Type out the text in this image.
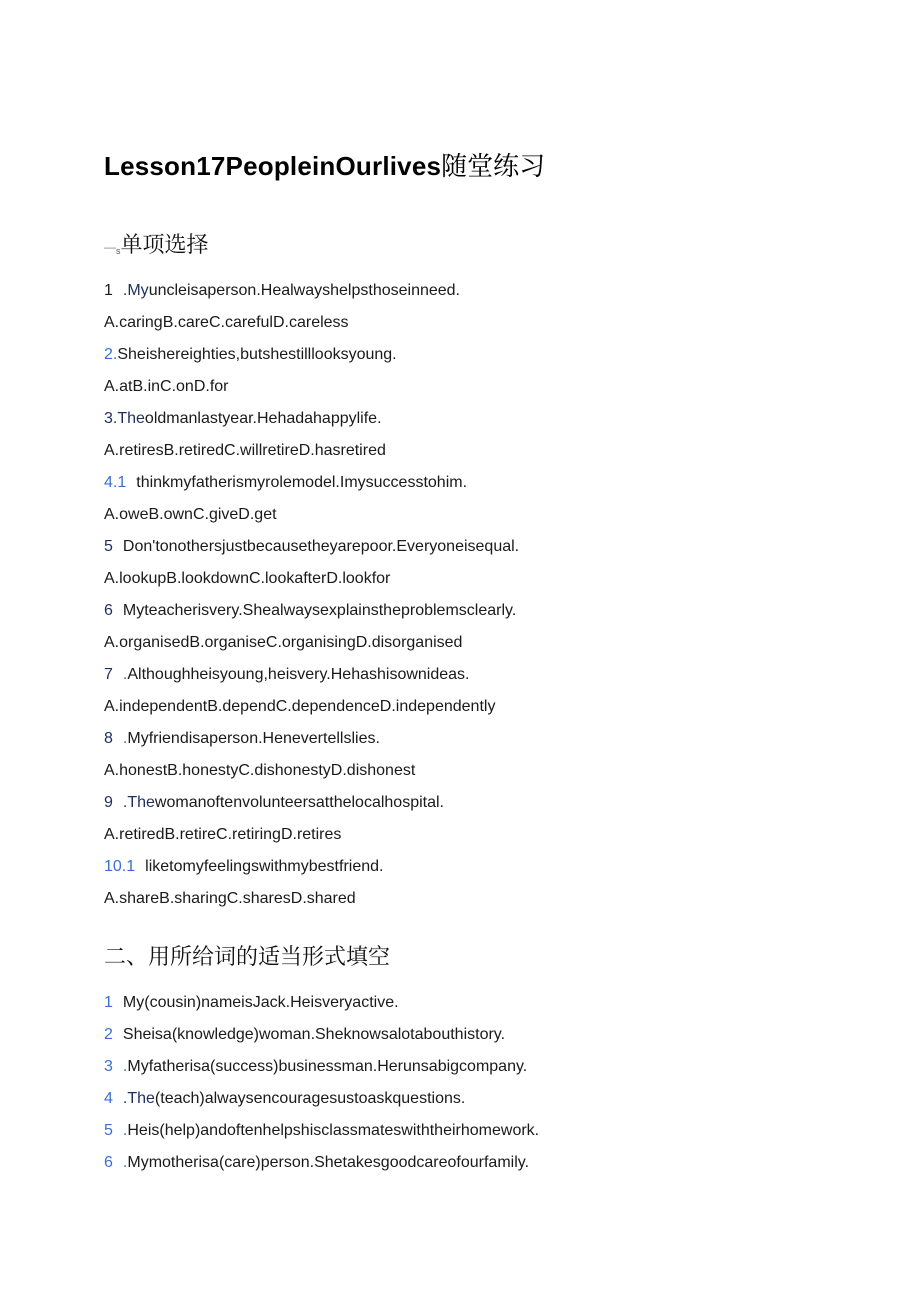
Lesson17PeopleinOurlives随堂练习
—s单项选择
1 .Myuncleisaperson.Healwayshelpsthoseinneed.
A.caringB.careC.carefulD.careless
2.Sheishereighties,butshestilllooksyoung.
A.atB.inC.onD.for
3.Theoldmanlastyear.Hehadahappylife.
A.retiresB.retiredC.willretireD.hasretired
4.1 thinkmyfatherismyrolemodel.Imysuccesstohim.
A.oweB.ownC.giveD.get
5 Don'tonothersjustbecausetheyarepoor.Everyoneisequal.
A.lookupB.lookdownC.lookafterD.lookfor
6 Myteacherisvery.Shealwaysexplainstheproblemsclearly.
A.organisedB.organiseC.organisingD.disorganised
7 .Althoughheisyoung,heisvery.Hehashisownideas.
A.independentB.dependC.dependenceD.independently
8 .Myfriendisaperson.Henevertellslies.
A.honestB.honestyC.dishonestyD.dishonest
9 .Thewomanoftenvolunteersatthelocalhospital.
A.retiredB.retireC.retiringD.retires
10.1 liketomyfeelingswithmybestfriend.
A.shareB.sharingC.sharesD.shared
二、用所给词的适当形式填空
1 My(cousin)nameisJack.Heisveryactive.
2 Sheisa(knowledge)woman.Sheknowsalotabouthistory.
3 .Myfatherisa(success)businessman.Herunsabigcompany.
4 .The(teach)alwaysencouragesustoaskquestions.
5 .Heis(help)andoftenhelpshisclassmateswiththeirhomework.
6 .Mymotherisa(care)person.Shetakesgoodcareofourfamily.
